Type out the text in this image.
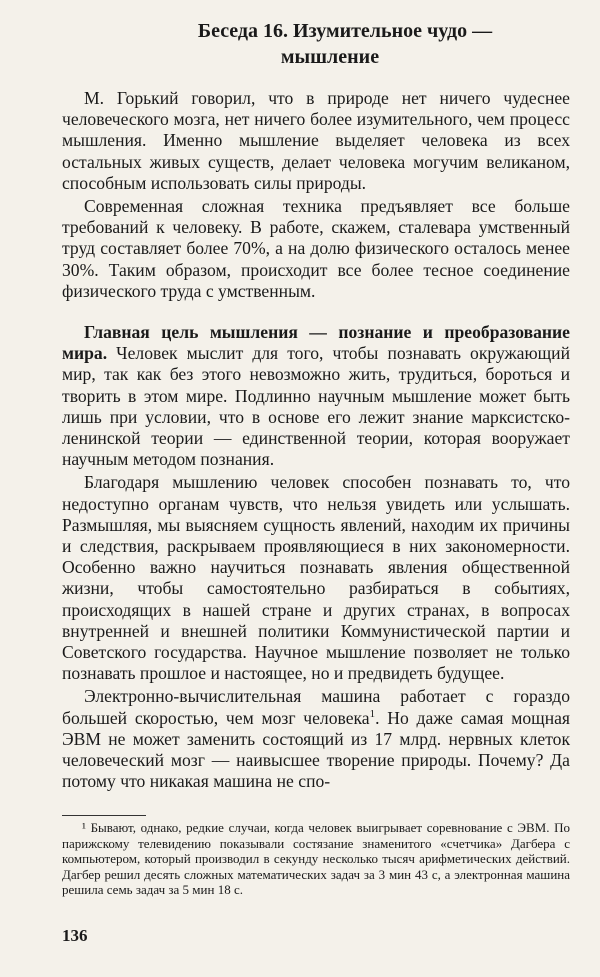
Беседа 16. Изумительное чудо —
мышление

М. Горький говорил, что в природе нет ничего чудеснее человеческого мозга, нет ничего более изумительного, чем процесс мышления. Именно мышление выделяет человека из всех остальных живых существ, делает человека могучим великаном, способным использовать силы природы.

Современная сложная техника предъявляет все больше требований к человеку. В работе, скажем, сталевара умственный труд составляет более 70%, а на долю физического осталось менее 30%. Таким образом, происходит все более тесное соединение физического труда с умственным.

Главная цель мышления — познание и преобразование мира. Человек мыслит для того, чтобы познавать окружающий мир, так как без этого невозможно жить, трудиться, бороться и творить в этом мире. Подлинно научным мышление может быть лишь при условии, что в основе его лежит знание марксистско-ленинской теории — единственной теории, которая вооружает научным методом познания.

Благодаря мышлению человек способен познавать то, что недоступно органам чувств, что нельзя увидеть или услышать. Размышляя, мы выясняем сущность явлений, находим их причины и следствия, раскрываем проявляющиеся в них закономерности. Особенно важно научиться познавать явления общественной жизни, чтобы самостоятельно разбираться в событиях, происходящих в нашей стране и других странах, в вопросах внутренней и внешней политики Коммунистической партии и Советского государства. Научное мышление позволяет не только познавать прошлое и настоящее, но и предвидеть будущее.

Электронно-вычислительная машина работает с гораздо большей скоростью, чем мозг человека$^1$. Но даже самая мощная ЭВМ не может заменить состоящий из 17 млрд. нервных клеток человеческий мозг — наивысшее творение природы. Почему? Да потому что никакая машина не спо-

¹ Бывают, однако, редкие случаи, когда человек выигрывает соревнование с ЭВМ. По парижскому телевидению показывали состязание знаменитого «счетчика» Дагбера с компьютером, который производил в секунду несколько тысяч арифметических действий. Дагбер решил десять сложных математических задач за 3 мин 43 с, а электронная машина решила семь задач за 5 мин 18 с.
136
